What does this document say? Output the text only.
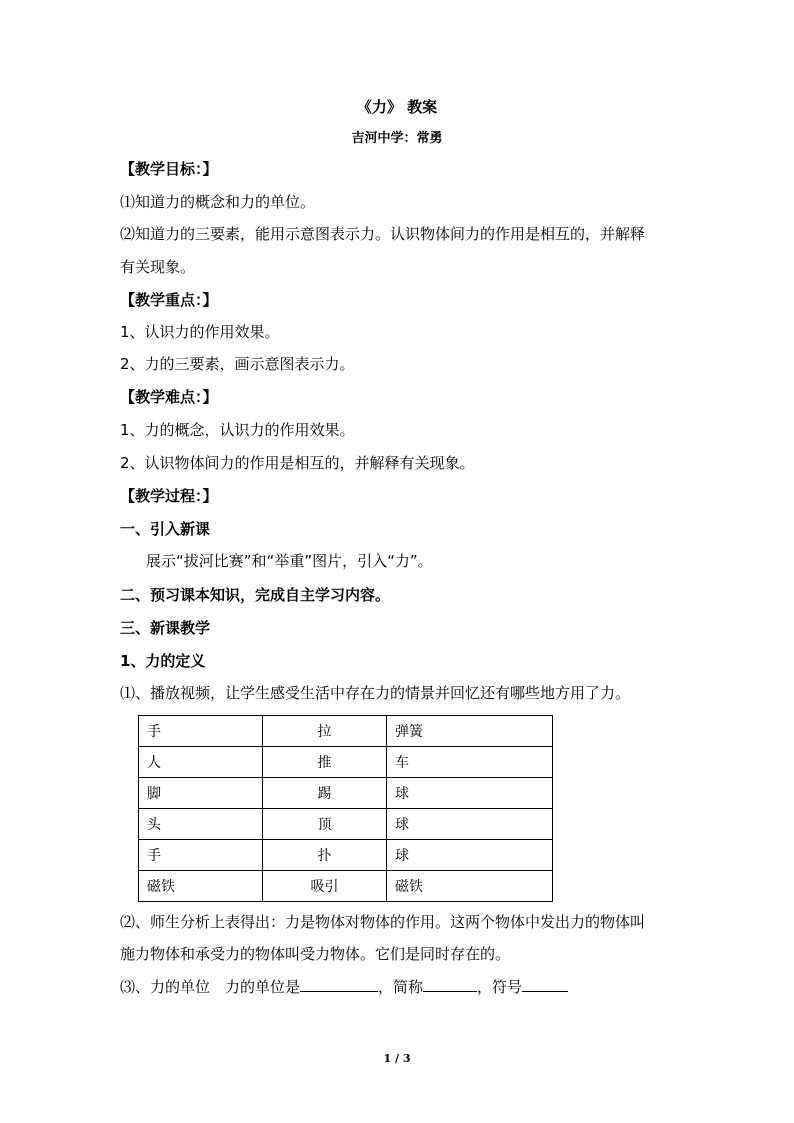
《力》 教案
吉河中学：常勇
【教学目标：】
⑴知道力的概念和力的单位。
⑵知道力的三要素，能用示意图表示力。认识物体间力的作用是相互的，并解释
有关现象。
【教学重点：】
1、认识力的作用效果。
2、力的三要素，画示意图表示力。
【教学难点：】
1、力的概念，认识力的作用效果。
2、认识物体间力的作用是相互的，并解释有关现象。
【教学过程：】
一、引入新课
展示“拔河比赛”和“举重”图片，引入“力”。
二、预习课本知识，完成自主学习内容。
三、新课教学
1、力的定义
⑴、播放视频，让学生感受生活中存在力的情景并回忆还有哪些地方用了力。
手	拉	弹簧
人	推	车
脚	踢	球
头	顶	球
手	扑	球
磁铁	吸引	磁铁
⑵、师生分析上表得出：力是物体对物体的作用。这两个物体中发出力的物体叫
施力物体和承受力的物体叫受力物体。它们是同时存在的。
⑶、力的单位　力的单位是	，简称	，符号
1 / 3
